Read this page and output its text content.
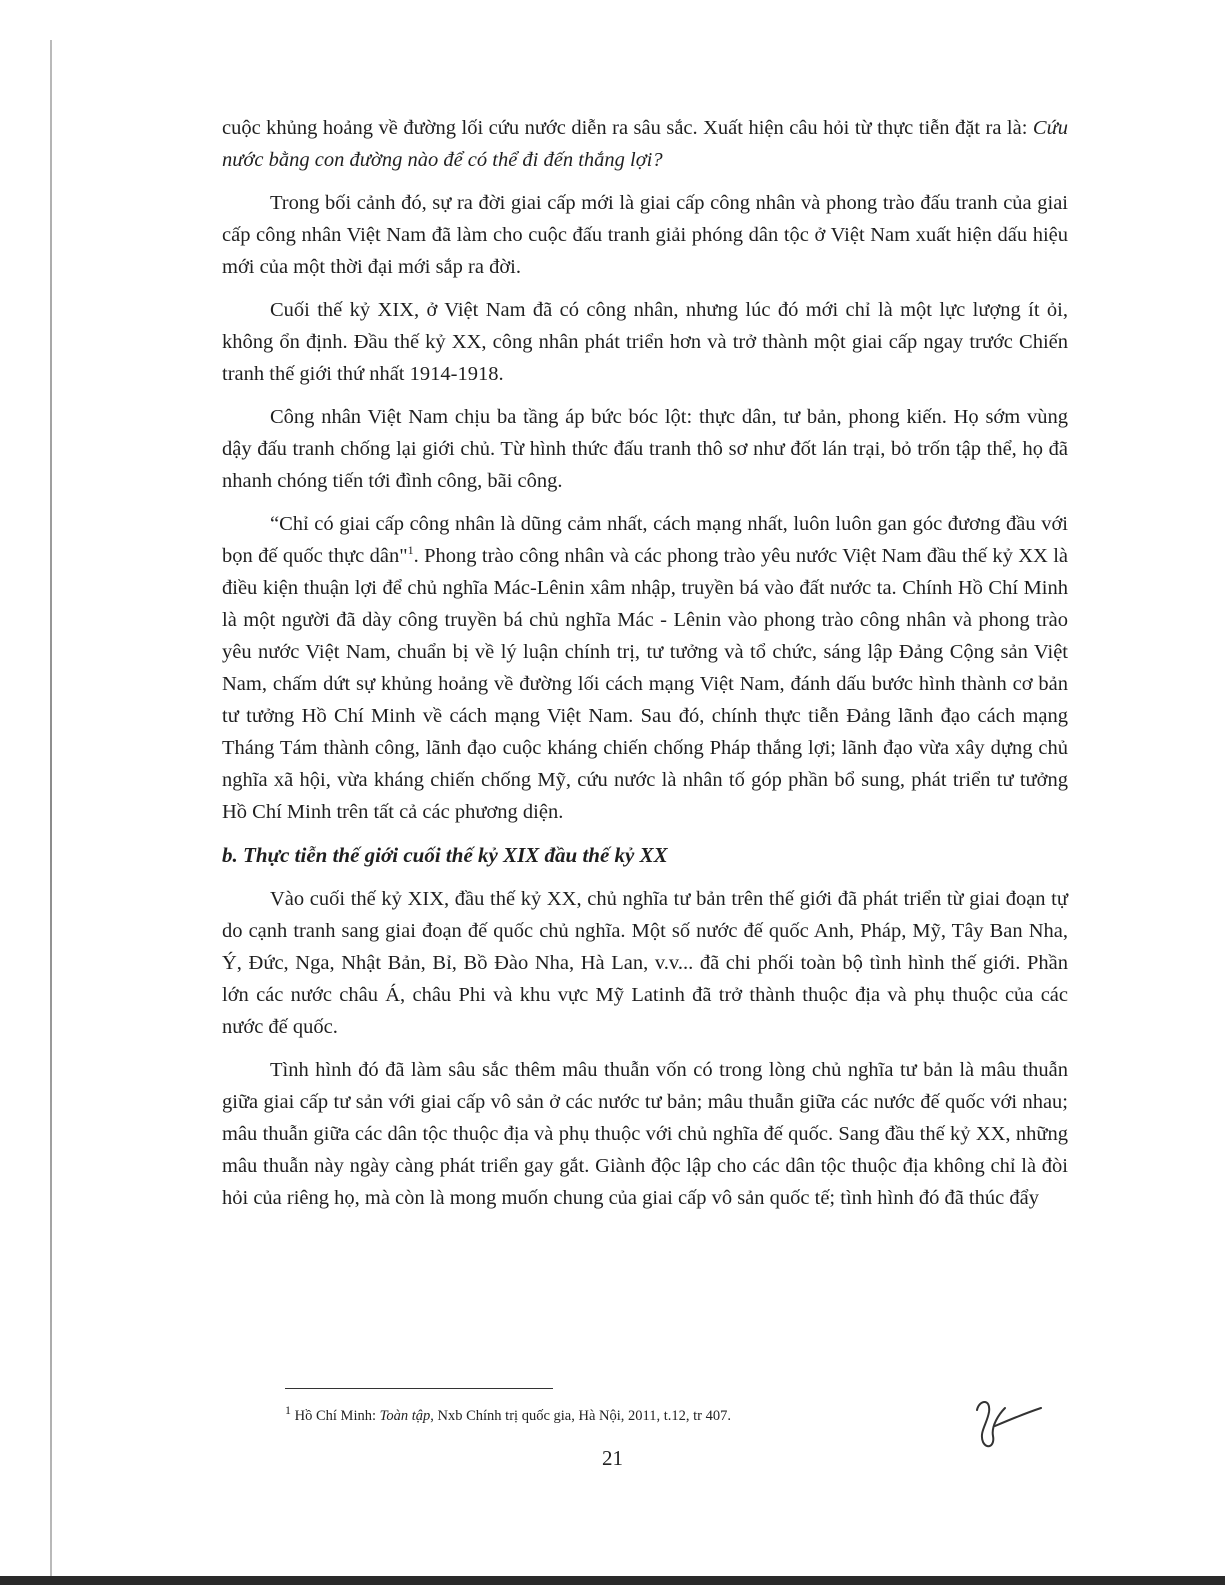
cuộc khủng hoảng về đường lối cứu nước diễn ra sâu sắc. Xuất hiện câu hỏi từ thực tiễn đặt ra là: Cứu nước bằng con đường nào để có thể đi đến thắng lợi?

Trong bối cảnh đó, sự ra đời giai cấp mới là giai cấp công nhân và phong trào đấu tranh của giai cấp công nhân Việt Nam đã làm cho cuộc đấu tranh giải phóng dân tộc ở Việt Nam xuất hiện dấu hiệu mới của một thời đại mới sắp ra đời.

Cuối thế kỷ XIX, ở Việt Nam đã có công nhân, nhưng lúc đó mới chỉ là một lực lượng ít ỏi, không ổn định. Đầu thế kỷ XX, công nhân phát triển hơn và trở thành một giai cấp ngay trước Chiến tranh thế giới thứ nhất 1914-1918.

Công nhân Việt Nam chịu ba tầng áp bức bóc lột: thực dân, tư bản, phong kiến. Họ sớm vùng dậy đấu tranh chống lại giới chủ. Từ hình thức đấu tranh thô sơ như đốt lán trại, bỏ trốn tập thể, họ đã nhanh chóng tiến tới đình công, bãi công.

“Chỉ có giai cấp công nhân là dũng cảm nhất, cách mạng nhất, luôn luôn gan góc đương đầu với bọn đế quốc thực dân"$^1$. Phong trào công nhân và các phong trào yêu nước Việt Nam đầu thế kỷ XX là điều kiện thuận lợi để chủ nghĩa Mác-Lênin xâm nhập, truyền bá vào đất nước ta. Chính Hồ Chí Minh là một người đã dày công truyền bá chủ nghĩa Mác - Lênin vào phong trào công nhân và phong trào yêu nước Việt Nam, chuẩn bị về lý luận chính trị, tư tưởng và tổ chức, sáng lập Đảng Cộng sản Việt Nam, chấm dứt sự khủng hoảng về đường lối cách mạng Việt Nam, đánh dấu bước hình thành cơ bản tư tưởng Hồ Chí Minh về cách mạng Việt Nam. Sau đó, chính thực tiễn Đảng lãnh đạo cách mạng Tháng Tám thành công, lãnh đạo cuộc kháng chiến chống Pháp thắng lợi; lãnh đạo vừa xây dựng chủ nghĩa xã hội, vừa kháng chiến chống Mỹ, cứu nước là nhân tố góp phần bổ sung, phát triển tư tưởng Hồ Chí Minh trên tất cả các phương diện.

b. Thực tiễn thế giới cuối thế kỷ XIX đầu thế kỷ XX

Vào cuối thế kỷ XIX, đầu thế kỷ XX, chủ nghĩa tư bản trên thế giới đã phát triển từ giai đoạn tự do cạnh tranh sang giai đoạn đế quốc chủ nghĩa. Một số nước đế quốc Anh, Pháp, Mỹ, Tây Ban Nha, Ý, Đức, Nga, Nhật Bản, Bỉ, Bồ Đào Nha, Hà Lan, v.v... đã chi phối toàn bộ tình hình thế giới. Phần lớn các nước châu Á, châu Phi và khu vực Mỹ Latinh đã trở thành thuộc địa và phụ thuộc của các nước đế quốc.

Tình hình đó đã làm sâu sắc thêm mâu thuẫn vốn có trong lòng chủ nghĩa tư bản là mâu thuẫn giữa giai cấp tư sản với giai cấp vô sản ở các nước tư bản; mâu thuẫn giữa các nước đế quốc với nhau; mâu thuẫn giữa các dân tộc thuộc địa và phụ thuộc với chủ nghĩa đế quốc. Sang đầu thế kỷ XX, những mâu thuẫn này ngày càng phát triển gay gắt. Giành độc lập cho các dân tộc thuộc địa không chỉ là đòi hỏi của riêng họ, mà còn là mong muốn chung của giai cấp vô sản quốc tế; tình hình đó đã thúc đẩy

$^1$ Hồ Chí Minh: Toàn tập, Nxb Chính trị quốc gia, Hà Nội, 2011, t.12, tr 407.
21
